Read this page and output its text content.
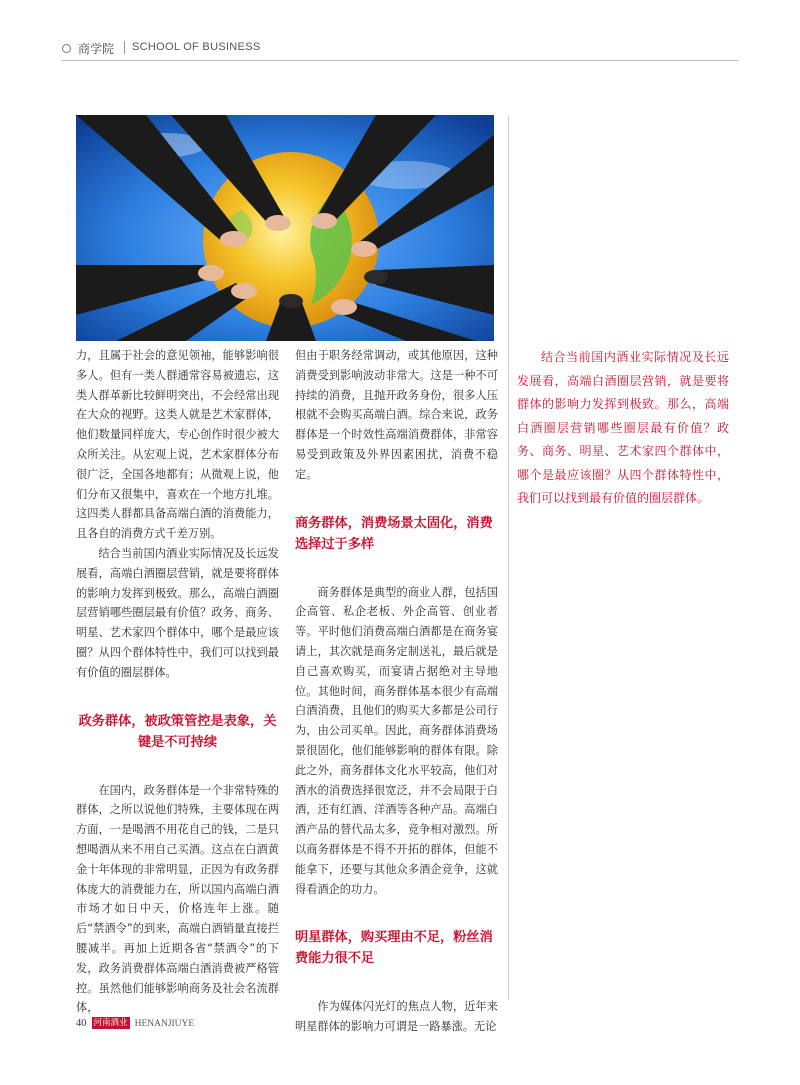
商学院 SCHOOL OF BUSINESS

力，且属于社会的意见领袖，能够影响很多人。但有一类人群通常容易被遗忘，这类人群革新比较鲜明突出，不会经常出现在大众的视野。这类人就是艺术家群体，他们数量同样庞大，专心创作时很少被大众所关注。从宏观上说，艺术家群体分布很广泛，全国各地都有；从微观上说，他们分布又很集中，喜欢在一个地方扎堆。这四类人群都具备高端白酒的消费能力，且各自的消费方式千差万别。

结合当前国内酒业实际情况及长远发展看，高端白酒圈层营销，就是要将群体的影响力发挥到极致。那么，高端白酒圈层营销哪些圈层最有价值？政务、商务、明星、艺术家四个群体中，哪个是最应该圈？从四个群体特性中，我们可以找到最有价值的圈层群体。

政务群体，被政策管控是表象，关键是不可持续

在国内，政务群体是一个非常特殊的群体，之所以说他们特殊，主要体现在两方面，一是喝酒不用花自己的钱，二是只想喝酒从来不用自己买酒。这点在白酒黄金十年体现的非常明显，正因为有政务群体庞大的消费能力在，所以国内高端白酒市场才如日中天，价格连年上涨。随后“禁酒令”的到来，高端白酒销量直接拦腰减半。再加上近期各省“禁酒令”的下发，政务消费群体高端白酒消费被严格管控。虽然他们能够影响商务及社会名流群体，

但由于职务经常调动，或其他原因，这种消费受到影响波动非常大。这是一种不可持续的消费，且抛开政务身份，很多人压根就不会购买高端白酒。综合来说，政务群体是一个时效性高端消费群体，非常容易受到政策及外界因素困扰，消费不稳定。

商务群体，消费场景太固化，消费选择过于多样

商务群体是典型的商业人群，包括国企高管、私企老板、外企高管、创业者等。平时他们消费高端白酒都是在商务宴请上，其次就是商务定制送礼，最后就是自己喜欢购买，而宴请占据绝对主导地位。其他时间，商务群体基本很少有高端白酒消费，且他们的购买大多都是公司行为，由公司买单。因此，商务群体消费场景很固化，他们能够影响的群体有限。除此之外，商务群体文化水平较高，他们对酒水的消费选择很宽泛，并不会局限于白酒，还有红酒、洋酒等各种产品。高端白酒产品的替代品太多，竞争相对激烈。所以商务群体是不得不开拓的群体，但能不能拿下，还要与其他众多酒企竞争，这就得看酒企的功力。

明星群体，购买理由不足，粉丝消费能力很不足

作为媒体闪光灯的焦点人物，近年来明星群体的影响力可谓是一路暴涨。无论

结合当前国内酒业实际情况及长远发展看，高端白酒圈层营销，就是要将群体的影响力发挥到极致。那么，高端白酒圈层营销哪些圈层最有价值？政务、商务、明星、艺术家四个群体中，哪个是最应该圈？从四个群体特性中，我们可以找到最有价值的圈层群体。

40 河南酒业 HENANJIUYE
